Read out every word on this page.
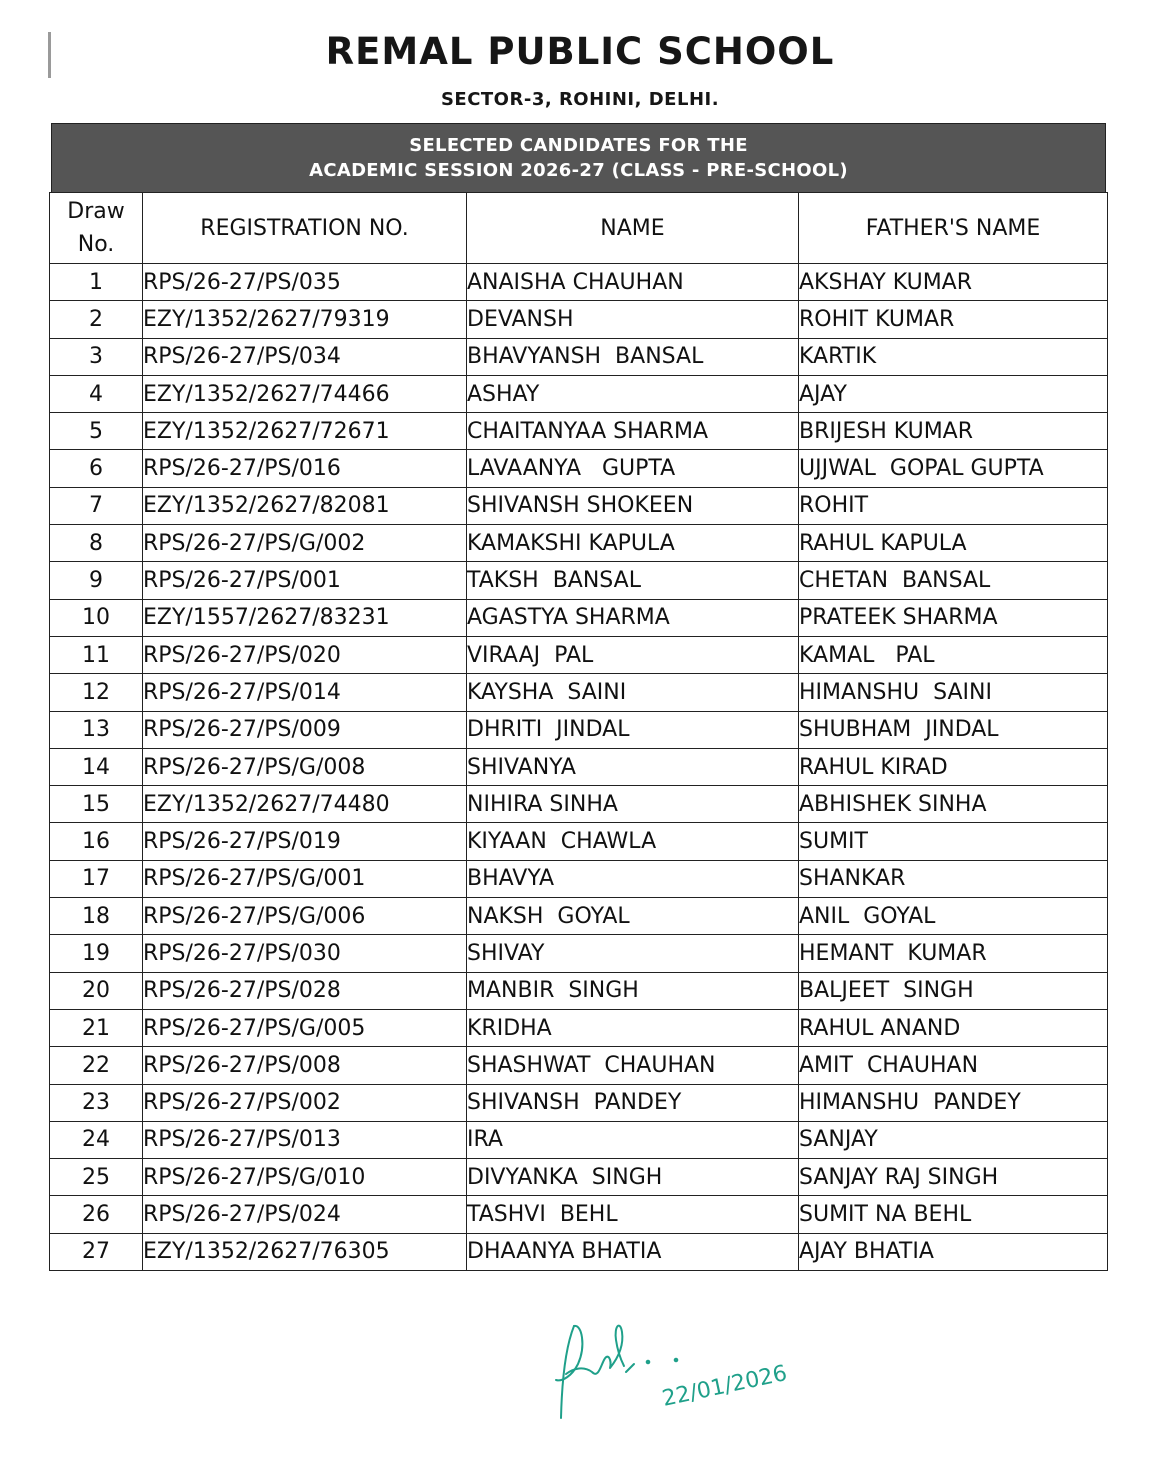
REMAL PUBLIC SCHOOL
SECTOR-3, ROHINI, DELHI.
SELECTED CANDIDATES FOR THE
ACADEMIC SESSION 2026-27 (CLASS - PRE-SCHOOL)
Draw
No.	REGISTRATION NO.	NAME	FATHER'S NAME
1	RPS/26-27/PS/035	ANAISHA CHAUHAN	AKSHAY KUMAR
2	EZY/1352/2627/79319	DEVANSH	ROHIT KUMAR
3	RPS/26-27/PS/034	BHAVYANSH  BANSAL	KARTIK
4	EZY/1352/2627/74466	ASHAY	AJAY
5	EZY/1352/2627/72671	CHAITANYAA SHARMA	BRIJESH KUMAR
6	RPS/26-27/PS/016	LAVAANYA   GUPTA	UJJWAL  GOPAL GUPTA
7	EZY/1352/2627/82081	SHIVANSH SHOKEEN	ROHIT
8	RPS/26-27/PS/G/002	KAMAKSHI KAPULA	RAHUL KAPULA
9	RPS/26-27/PS/001	TAKSH  BANSAL	CHETAN  BANSAL
10	EZY/1557/2627/83231	AGASTYA SHARMA	PRATEEK SHARMA
11	RPS/26-27/PS/020	VIRAAJ  PAL	KAMAL   PAL
12	RPS/26-27/PS/014	KAYSHA  SAINI	HIMANSHU  SAINI
13	RPS/26-27/PS/009	DHRITI  JINDAL	SHUBHAM  JINDAL
14	RPS/26-27/PS/G/008	SHIVANYA	RAHUL KIRAD
15	EZY/1352/2627/74480	NIHIRA SINHA	ABHISHEK SINHA
16	RPS/26-27/PS/019	KIYAAN  CHAWLA	SUMIT
17	RPS/26-27/PS/G/001	BHAVYA	SHANKAR
18	RPS/26-27/PS/G/006	NAKSH  GOYAL	ANIL  GOYAL
19	RPS/26-27/PS/030	SHIVAY	HEMANT  KUMAR
20	RPS/26-27/PS/028	MANBIR  SINGH	BALJEET  SINGH
21	RPS/26-27/PS/G/005	KRIDHA	RAHUL ANAND
22	RPS/26-27/PS/008	SHASHWAT  CHAUHAN	AMIT  CHAUHAN
23	RPS/26-27/PS/002	SHIVANSH  PANDEY	HIMANSHU  PANDEY
24	RPS/26-27/PS/013	IRA	SANJAY
25	RPS/26-27/PS/G/010	DIVYANKA  SINGH	SANJAY RAJ SINGH
26	RPS/26-27/PS/024	TASHVI  BEHL	SUMIT NA BEHL
27	EZY/1352/2627/76305	DHAANYA BHATIA	AJAY BHATIA
22/01/2026
